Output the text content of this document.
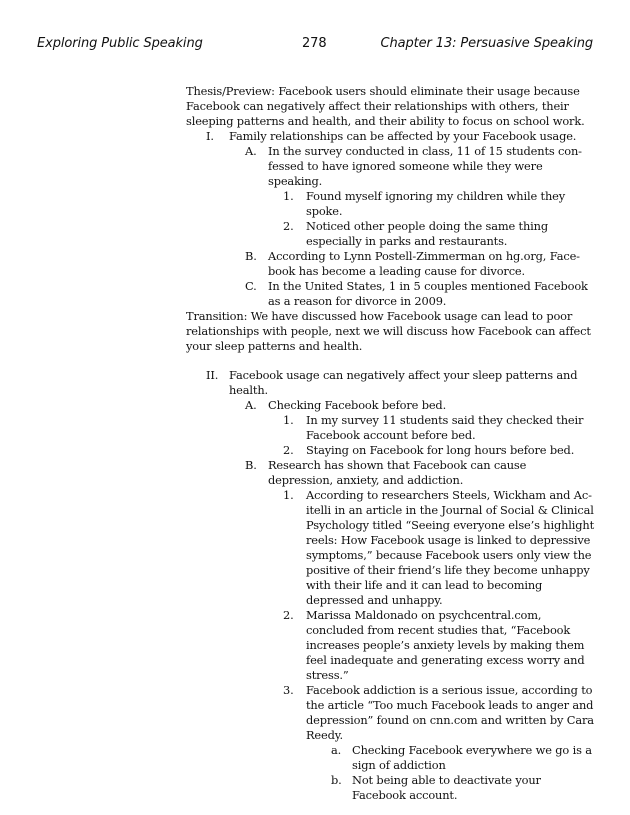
Exploring Public Speaking	278	Chapter 13: Persuasive Speaking

Thesis/Preview: Facebook users should eliminate their usage because Facebook can negatively affect their relationships with others, their sleeping patterns and health, and their ability to focus on school work.

I.	Family relationships can be affected by your Facebook usage.
A.	In the survey conducted in class, 11 of 15 students confessed to have ignored someone while they were speaking.
1.	Found myself ignoring my children while they spoke.
2.	Noticed other people doing the same thing especially in parks and restaurants.
B. According to Lynn Postell-Zimmerman on hg.org, Facebook has become a leading cause for divorce.
C. In the United States, 1 in 5 couples mentioned Facebook as a reason for divorce in 2009.

Transition: We have discussed how Facebook usage can lead to poor relationships with people, next we will discuss how Facebook can affect your sleep patterns and health.

II. Facebook usage can negatively affect your sleep patterns and health.
A.	Checking Facebook before bed.
1.	In my survey 11 students said they checked their Facebook account before bed.
2.	Staying on Facebook for long hours before bed.
B. Research has shown that Facebook can cause depression, anxiety, and addiction.
1.	According to researchers Steels, Wickham and Acitelli in an article in the Journal of Social & Clinical Psychology titled “Seeing everyone else’s highlight reels: How Facebook usage is linked to depressive symptoms,” because Facebook users only view the positive of their friend’s life they become unhappy with their life and it can lead to becoming depressed and unhappy.
2.	Marissa Maldonado on psychcentral.com, concluded from recent studies that, “Facebook increases people’s anxiety levels by making them feel inadequate and generating excess worry and stress.”
3.	Facebook addiction is a serious issue, according to the article “Too much Facebook leads to anger and depression” found on cnn.com and written by Cara Reedy.
a. Checking Facebook everywhere we go is a sign of addiction
b. Not being able to deactivate your Facebook account.
